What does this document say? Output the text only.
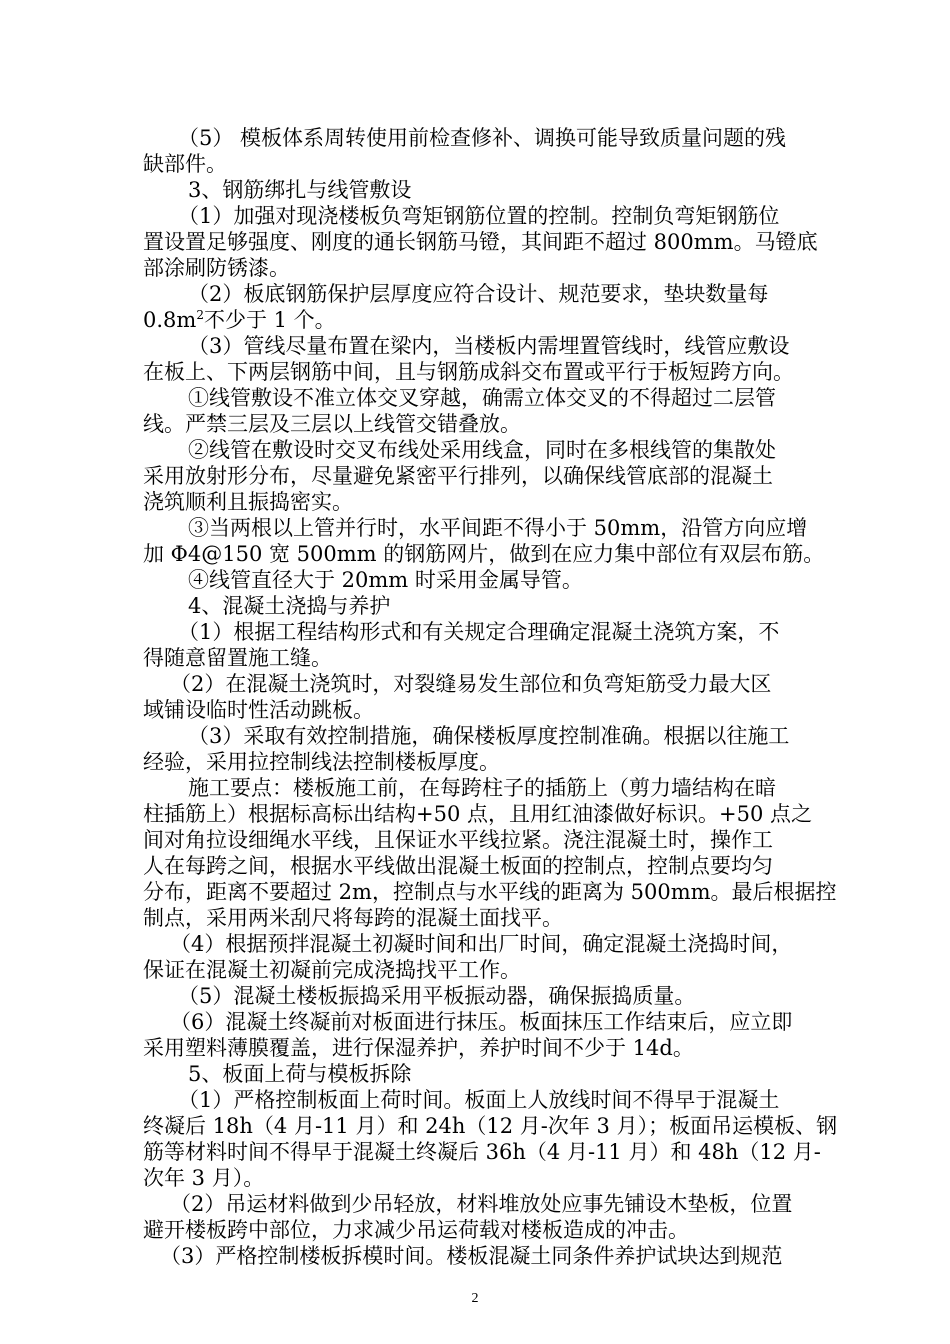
（5） 模板体系周转使用前检查修补、调换可能导致质量问题的残
缺部件。
3、钢筋绑扎与线管敷设
（1）加强对现浇楼板负弯矩钢筋位置的控制。控制负弯矩钢筋位
置设置足够强度、刚度的通长钢筋马镫，其间距不超过 800mm。马镫底
部涂刷防锈漆。
（2）板底钢筋保护层厚度应符合设计、规范要求，垫块数量每
$0.8m^2$不少于 1 个。
（3）管线尽量布置在梁内，当楼板内需埋置管线时，线管应敷设
在板上、下两层钢筋中间，且与钢筋成斜交布置或平行于板短跨方向。
①线管敷设不准立体交叉穿越，确需立体交叉的不得超过二层管
线。严禁三层及三层以上线管交错叠放。
②线管在敷设时交叉布线处采用线盒，同时在多根线管的集散处
采用放射形分布，尽量避免紧密平行排列，以确保线管底部的混凝土
浇筑顺利且振捣密实。
③当两根以上管并行时，水平间距不得小于 50mm，沿管方向应增
加 Φ4@150 宽 500mm 的钢筋网片，做到在应力集中部位有双层布筋。
④线管直径大于 20mm 时采用金属导管。
4、混凝土浇捣与养护
（1）根据工程结构形式和有关规定合理确定混凝土浇筑方案，不
得随意留置施工缝。
（2）在混凝土浇筑时，对裂缝易发生部位和负弯矩筋受力最大区
域铺设临时性活动跳板。
（3）采取有效控制措施，确保楼板厚度控制准确。根据以往施工
经验，采用拉控制线法控制楼板厚度。
施工要点：楼板施工前，在每跨柱子的插筋上（剪力墙结构在暗
柱插筋上）根据标高标出结构+50 点，且用红油漆做好标识。+50 点之
间对角拉设细绳水平线，且保证水平线拉紧。浇注混凝土时，操作工
人在每跨之间，根据水平线做出混凝土板面的控制点，控制点要均匀
分布，距离不要超过 2m，控制点与水平线的距离为 500mm。最后根据控
制点，采用两米刮尺将每跨的混凝土面找平。
（4）根据预拌混凝土初凝时间和出厂时间，确定混凝土浇捣时间，
保证在混凝土初凝前完成浇捣找平工作。
（5）混凝土楼板振捣采用平板振动器，确保振捣质量。
（6）混凝土终凝前对板面进行抹压。板面抹压工作结束后，应立即
采用塑料薄膜覆盖，进行保湿养护，养护时间不少于 14d。
5、板面上荷与模板拆除
（1）严格控制板面上荷时间。板面上人放线时间不得早于混凝土
终凝后 18h（4 月-11 月）和 24h（12 月-次年 3 月）；板面吊运模板、钢
筋等材料时间不得早于混凝土终凝后 36h（4 月-11 月）和 48h（12 月-
次年 3 月）。
（2）吊运材料做到少吊轻放，材料堆放处应事先铺设木垫板，位置
避开楼板跨中部位，力求减少吊运荷载对楼板造成的冲击。
（3）严格控制楼板拆模时间。楼板混凝土同条件养护试块达到规范
2
